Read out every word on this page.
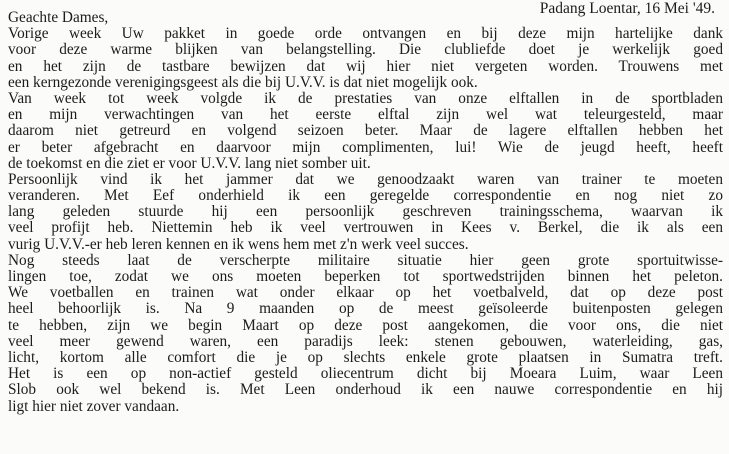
Padang Loentar, 16 Mei '49.
Geachte Dames,
Vorige week Uw pakket in goede orde ontvangen en bij deze mijn hartelijke dank
voor deze warme blijken van belangstelling. Die clubliefde doet je werkelijk goed
en het zijn de tastbare bewijzen dat wij hier niet vergeten worden. Trouwens met
een kerngezonde verenigingsgeest als die bij U.V.V. is dat niet mogelijk ook.
Van week tot week volgde ik de prestaties van onze elftallen in de sportbladen
en mijn verwachtingen van het eerste elftal zijn wel wat teleurgesteld, maar
daarom niet getreurd en volgend seizoen beter. Maar de lagere elftallen hebben het
er beter afgebracht en daarvoor mijn complimenten, lui! Wie de jeugd heeft, heeft
de toekomst en die ziet er voor U.V.V. lang niet somber uit.
Persoonlijk vind ik het jammer dat we genoodzaakt waren van trainer te moeten
veranderen. Met Eef onderhield ik een geregelde correspondentie en nog niet zo
lang geleden stuurde hij een persoonlijk geschreven trainingsschema, waarvan ik
veel profijt heb. Niettemin heb ik veel vertrouwen in Kees v. Berkel, die ik als een
vurig U.V.V.-er heb leren kennen en ik wens hem met z'n werk veel succes.
Nog steeds laat de verscherpte militaire situatie hier geen grote sportuitwisse-
lingen toe, zodat we ons moeten beperken tot sportwedstrijden binnen het peleton.
We voetballen en trainen wat onder elkaar op het voetbalveld, dat op deze post
heel behoorlijk is. Na 9 maanden op de meest geïsoleerde buitenposten gelegen
te hebben, zijn we begin Maart op deze post aangekomen, die voor ons, die niet
veel meer gewend waren, een paradijs leek: stenen gebouwen, waterleiding, gas,
licht, kortom alle comfort die je op slechts enkele grote plaatsen in Sumatra treft.
Het is een op non-actief gesteld oliecentrum dicht bij Moeara Luim, waar Leen
Slob ook wel bekend is. Met Leen onderhoud ik een nauwe correspondentie en hij
ligt hier niet zover vandaan.
